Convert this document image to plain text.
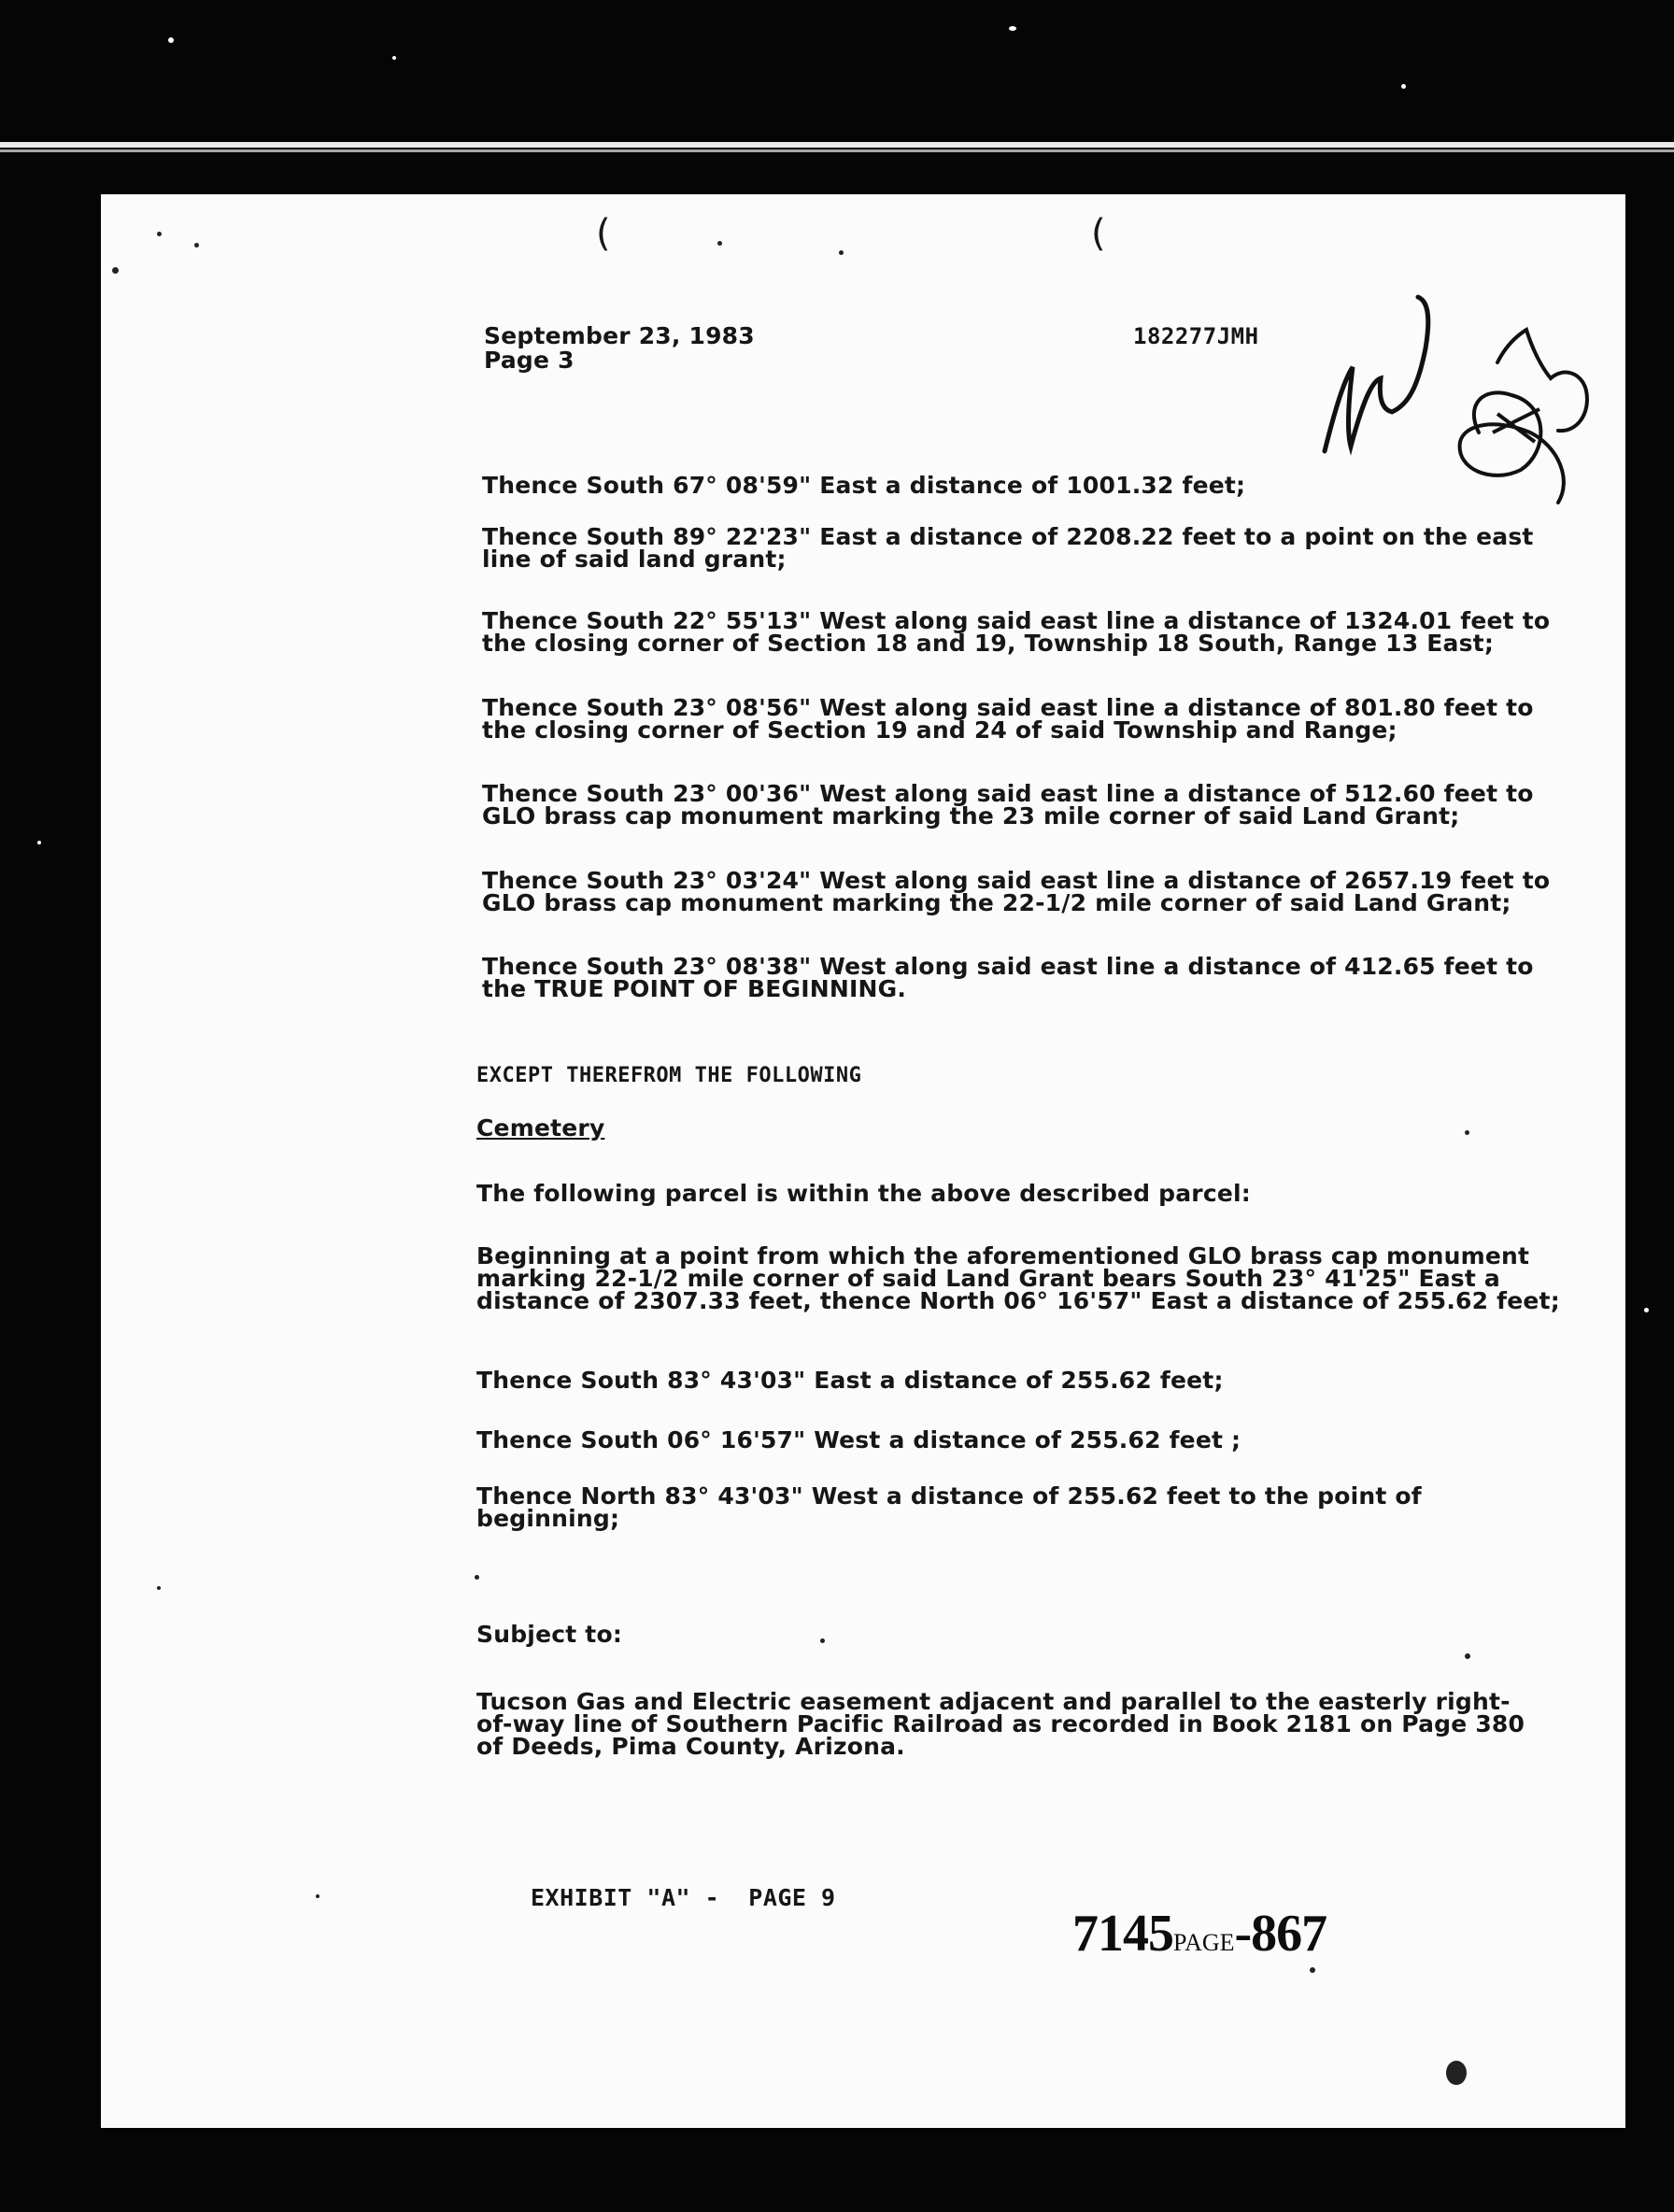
September 23, 1983
Page 3
182277JMH
(	(
Thence South 67° 08'59" East a distance of 1001.32 feet;
Thence South 89° 22'23" East a distance of 2208.22 feet to a point on the east
line of said land grant;
Thence South 22° 55'13" West along said east line a distance of 1324.01 feet to
the closing corner of Section 18 and 19, Township 18 South, Range 13 East;
Thence South 23° 08'56" West along said east line a distance of 801.80 feet to
the closing corner of Section 19 and 24 of said Township and Range;
Thence South 23° 00'36" West along said east line a distance of 512.60 feet to
GLO brass cap monument marking the 23 mile corner of said Land Grant;
Thence South 23° 03'24" West along said east line a distance of 2657.19 feet to
GLO brass cap monument marking the 22-1/2 mile corner of said Land Grant;
Thence South 23° 08'38" West along said east line a distance of 412.65 feet to
the TRUE POINT OF BEGINNING.
EXCEPT THEREFROM THE FOLLOWING
Cemetery
The following parcel is within the above described parcel:
Beginning at a point from which the aforementioned GLO brass cap monument
marking 22-1/2 mile corner of said Land Grant bears South 23° 41'25" East a
distance of 2307.33 feet, thence North 06° 16'57" East a distance of 255.62 feet;
Thence South 83° 43'03" East a distance of 255.62 feet;
Thence South 06° 16'57" West a distance of 255.62 feet ;
Thence North 83° 43'03" West a distance of 255.62 feet to the point of
beginning;
Subject to:
Tucson Gas and Electric easement adjacent and parallel to the easterly right-
of-way line of Southern Pacific Railroad as recorded in Book 2181 on Page 380
of Deeds, Pima County, Arizona.
EXHIBIT "A" -  PAGE 9
7145PAGE-867
